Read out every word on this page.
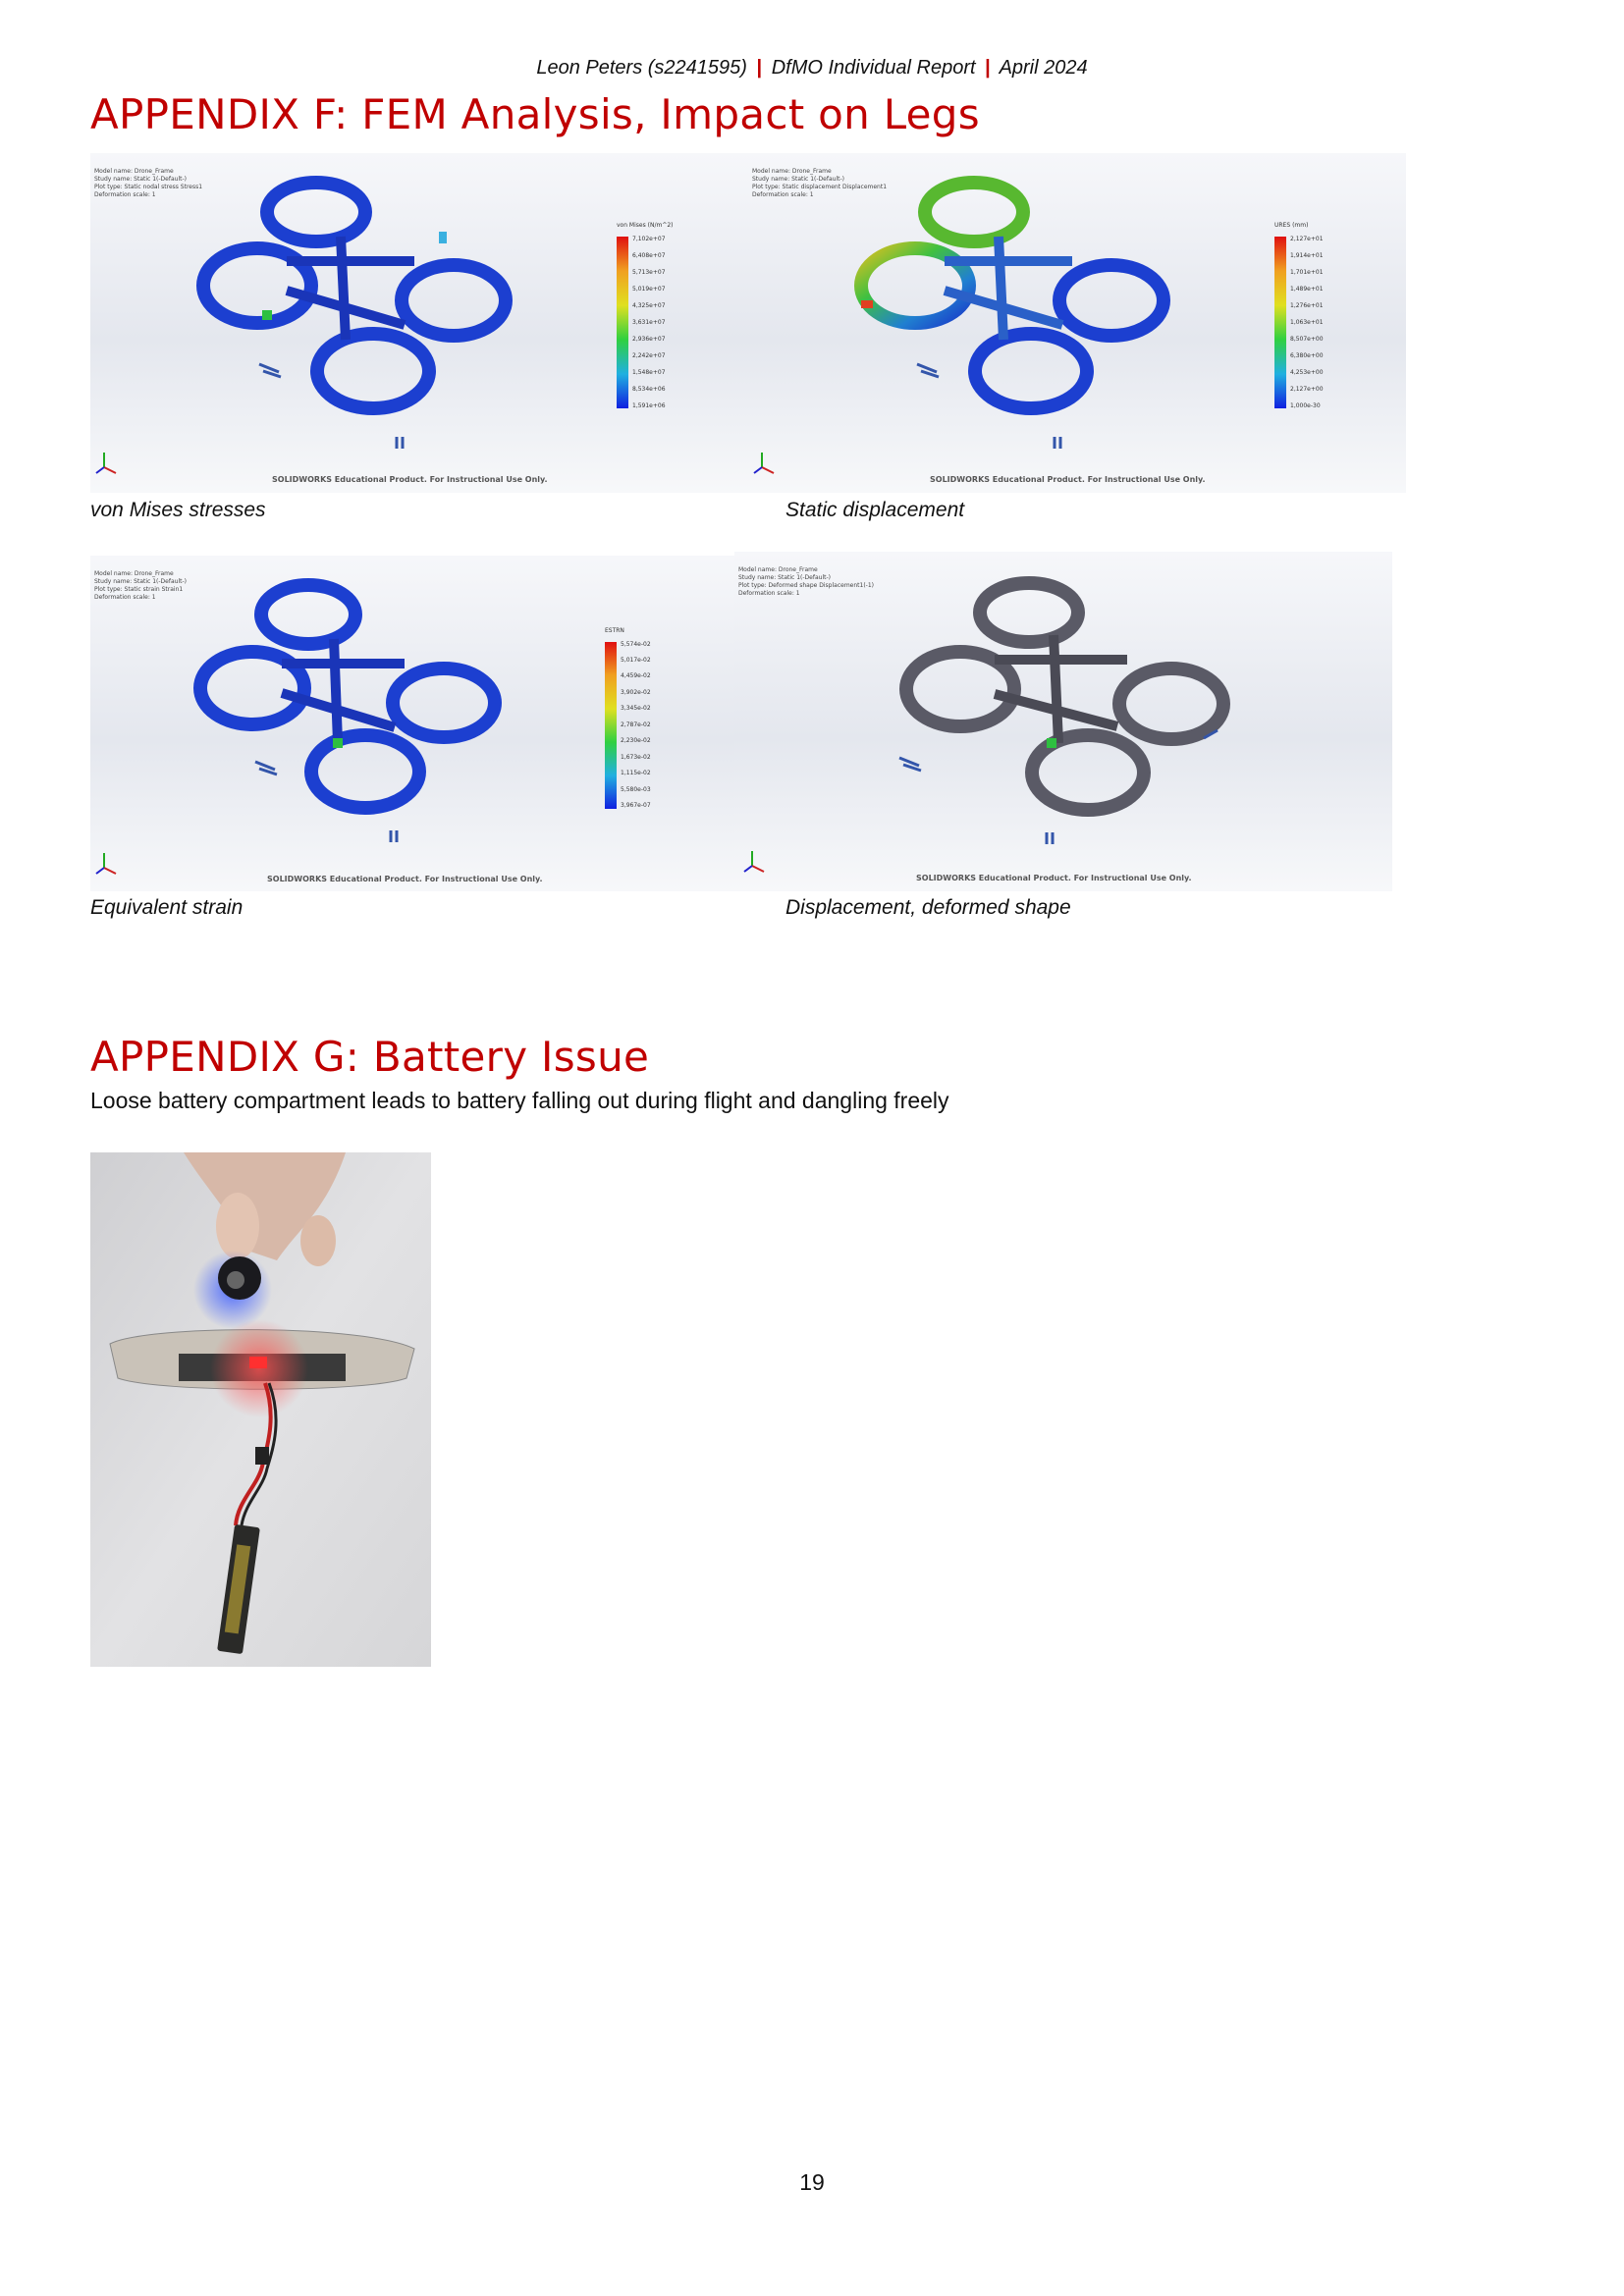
Leon Peters (s2241595) | DfMO Individual Report | April 2024
APPENDIX F: FEM Analysis, Impact on Legs
Model name: Drone_Frame
Study name: Static 1(-Default-)
Plot type: Static nodal stress Stress1
Deformation scale: 1
von Mises (N/m^2)
7,102e+07
6,408e+07
5,713e+07
5,019e+07
4,325e+07
3,631e+07
2,936e+07
2,242e+07
1,548e+07
8,534e+06
1,591e+06
SOLIDWORKS Educational Product. For Instructional Use Only.
von Mises stresses
Model name: Drone_Frame
Study name: Static 1(-Default-)
Plot type: Static displacement Displacement1
Deformation scale: 1
URES (mm)
2,127e+01
1,914e+01
1,701e+01
1,489e+01
1,276e+01
1,063e+01
8,507e+00
6,380e+00
4,253e+00
2,127e+00
1,000e-30
SOLIDWORKS Educational Product. For Instructional Use Only.
Static displacement
Model name: Drone_Frame
Study name: Static 1(-Default-)
Plot type: Static strain Strain1
Deformation scale: 1
ESTRN
5,574e-02
5,017e-02
4,459e-02
3,902e-02
3,345e-02
2,787e-02
2,230e-02
1,673e-02
1,115e-02
5,580e-03
3,967e-07
SOLIDWORKS Educational Product. For Instructional Use Only.
Equivalent strain
Model name: Drone_Frame
Study name: Static 1(-Default-)
Plot type: Deformed shape Displacement1(-1)
Deformation scale: 1
SOLIDWORKS Educational Product. For Instructional Use Only.
Displacement, deformed shape
APPENDIX G: Battery Issue
Loose battery compartment leads to battery falling out during flight and dangling freely
19
